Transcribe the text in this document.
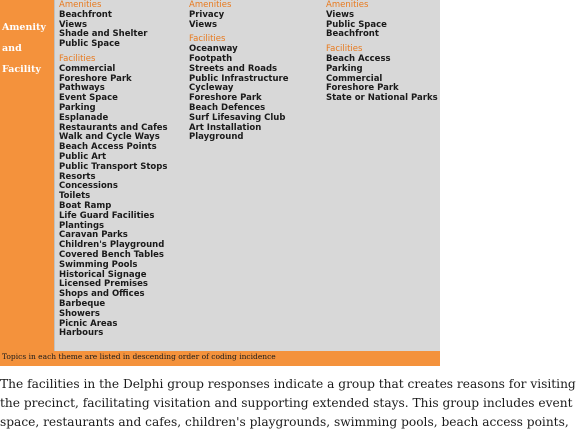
Amenity
and
Facility
Amenities
Beachfront
Views
Shade and Shelter
Public Space
Facilities
Commercial
Foreshore Park
Pathways
Event Space
Parking
Esplanade
Restaurants and Cafes
Walk and Cycle Ways
Beach Access Points
Public Art
Public Transport Stops
Resorts
Concessions
Toilets
Boat Ramp
Life Guard Facilities
Plantings
Caravan Parks
Children's Playground
Covered Bench Tables
Swimming Pools
Historical Signage
Licensed Premises
Shops and Offices
Barbeque
Showers
Picnic Areas
Harbours
Amenities
Privacy
Views
Facilities
Oceanway
Footpath
Streets and Roads
Public Infrastructure
Cycleway
Foreshore Park
Beach Defences
Surf Lifesaving Club
Art Installation
Playground
Amenities
Views
Public Space
Beachfront
Facilities
Beach Access
Parking
Commercial
Foreshore Park
State or National Parks
Topics in each theme are listed in descending order of coding incidence
The facilities in the Delphi group responses indicate a group that creates reasons for visiting
the precinct, facilitating visitation and supporting extended stays. This group includes event
space, restaurants and cafes, children's playgrounds, swimming pools, beach access points,
